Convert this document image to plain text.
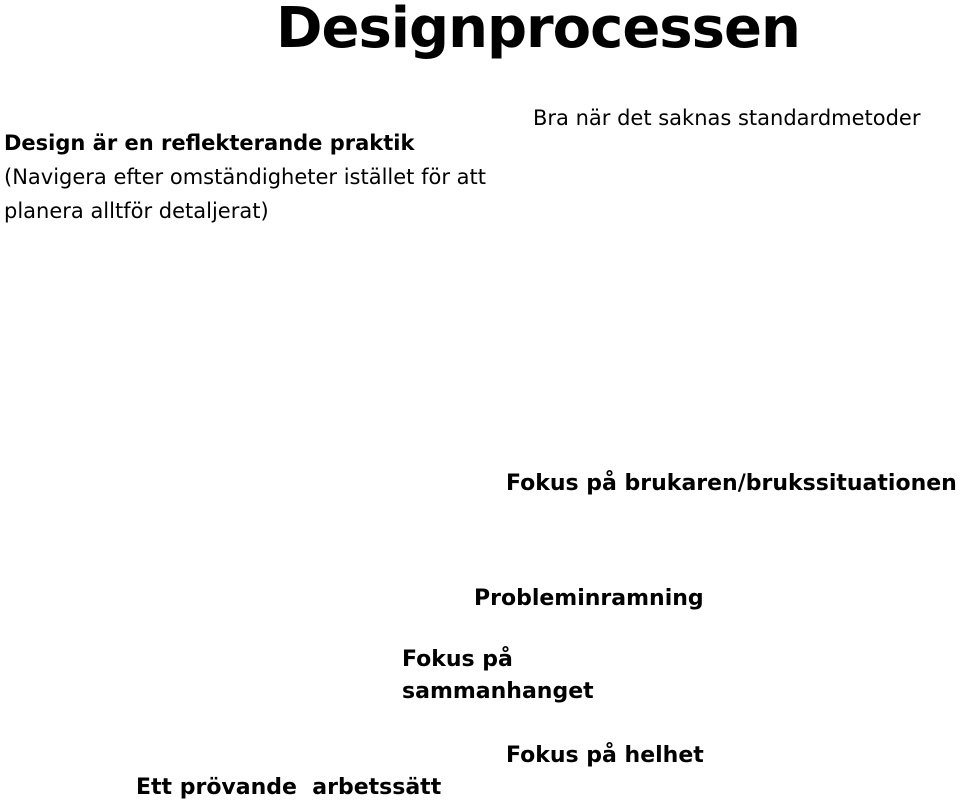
Designprocessen
Bra när det saknas standardmetoder
Design är en reflekterande praktik
(Navigera efter omständigheter istället för att
planera alltför detaljerat)
Fokus på brukaren/brukssituationen
Probleminramning
Fokus på
sammanhanget
Fokus på helhet
Ett prövande  arbetssätt
